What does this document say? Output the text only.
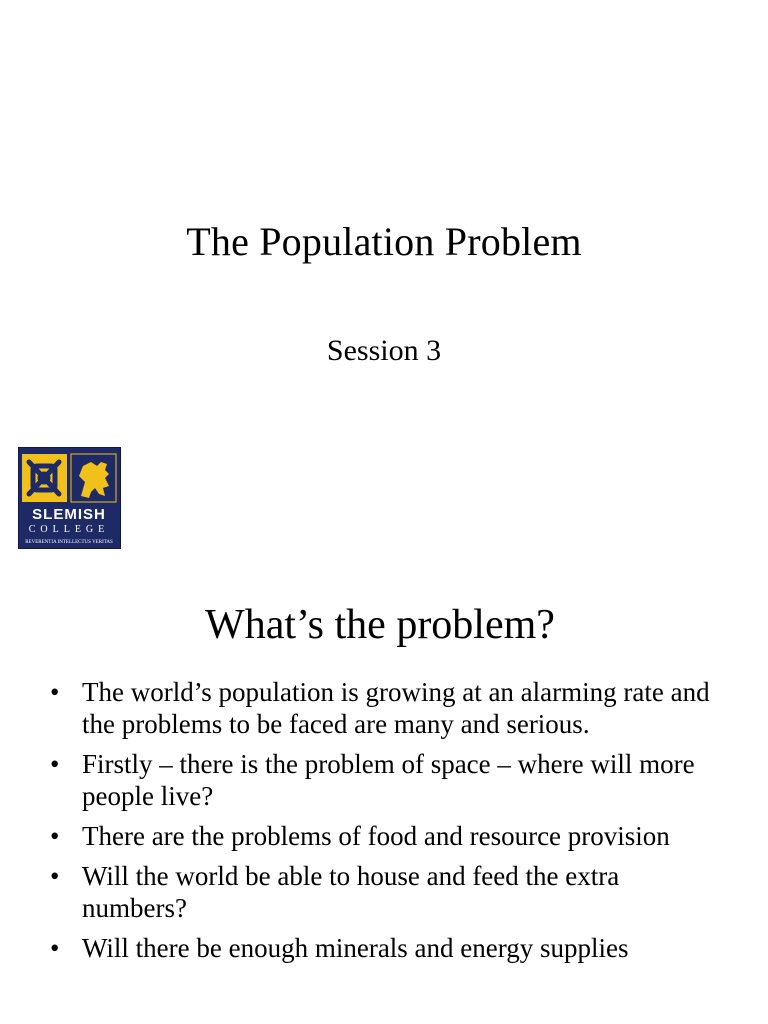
The Population Problem
Session 3
SLEMISH
COLLEGE
REVERENTIA INTELLECTUS VERITAS
What’s the problem?
• The world’s population is growing at an alarming rate and the problems to be faced are many and serious.
• Firstly – there is the problem of space – where will more people live?
• There are the problems of food and resource provision
• Will the world be able to house and feed the extra numbers?
• Will there be enough minerals and energy supplies
